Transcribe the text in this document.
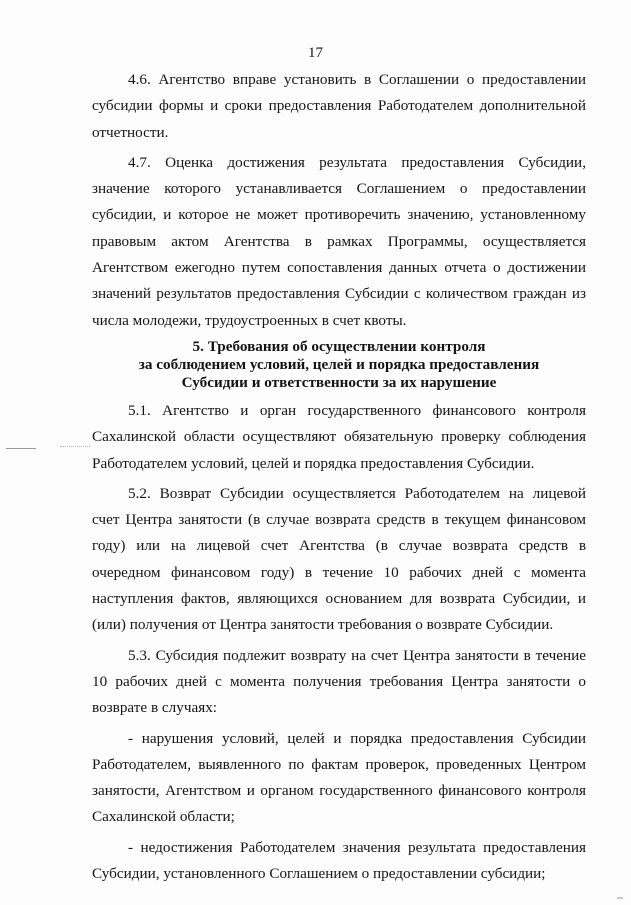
17

4.6. Агентство вправе установить в Соглашении о предоставлении субсидии формы и сроки предоставления Работодателем дополнительной отчетности.

4.7. Оценка достижения результата предоставления Субсидии, значение которого устанавливается Соглашением о предоставлении субсидии, и которое не может противоречить значению, установленному правовым актом Агентства в рамках Программы, осуществляется Агентством ежегодно путем сопоставления данных отчета о достижении значений результатов предоставления Субсидии с количеством граждан из числа молодежи, трудоустроенных в счет квоты.

5. Требования об осуществлении контроля
за соблюдением условий, целей и порядка предоставления
Субсидии и ответственности за их нарушение

5.1. Агентство и орган государственного финансового контроля Сахалинской области осуществляют обязательную проверку соблюдения Работодателем условий, целей и порядка предоставления Субсидии.

5.2. Возврат Субсидии осуществляется Работодателем на лицевой счет Центра занятости (в случае возврата средств в текущем финансовом году) или на лицевой счет Агентства (в случае возврата средств в очередном финансовом году) в течение 10 рабочих дней с момента наступления фактов, являющихся основанием для возврата Субсидии, и (или) получения от Центра занятости требования о возврате Субсидии.

5.3. Субсидия подлежит возврату на счет Центра занятости в течение 10 рабочих дней с момента получения требования Центра занятости о возврате в случаях:

- нарушения условий, целей и порядка предоставления Субсидии Работодателем, выявленного по фактам проверок, проведенных Центром занятости, Агентством и органом государственного финансового контроля Сахалинской области;

- недостижения Работодателем значения результата предоставления Субсидии, установленного Соглашением о предоставлении субсидии;
